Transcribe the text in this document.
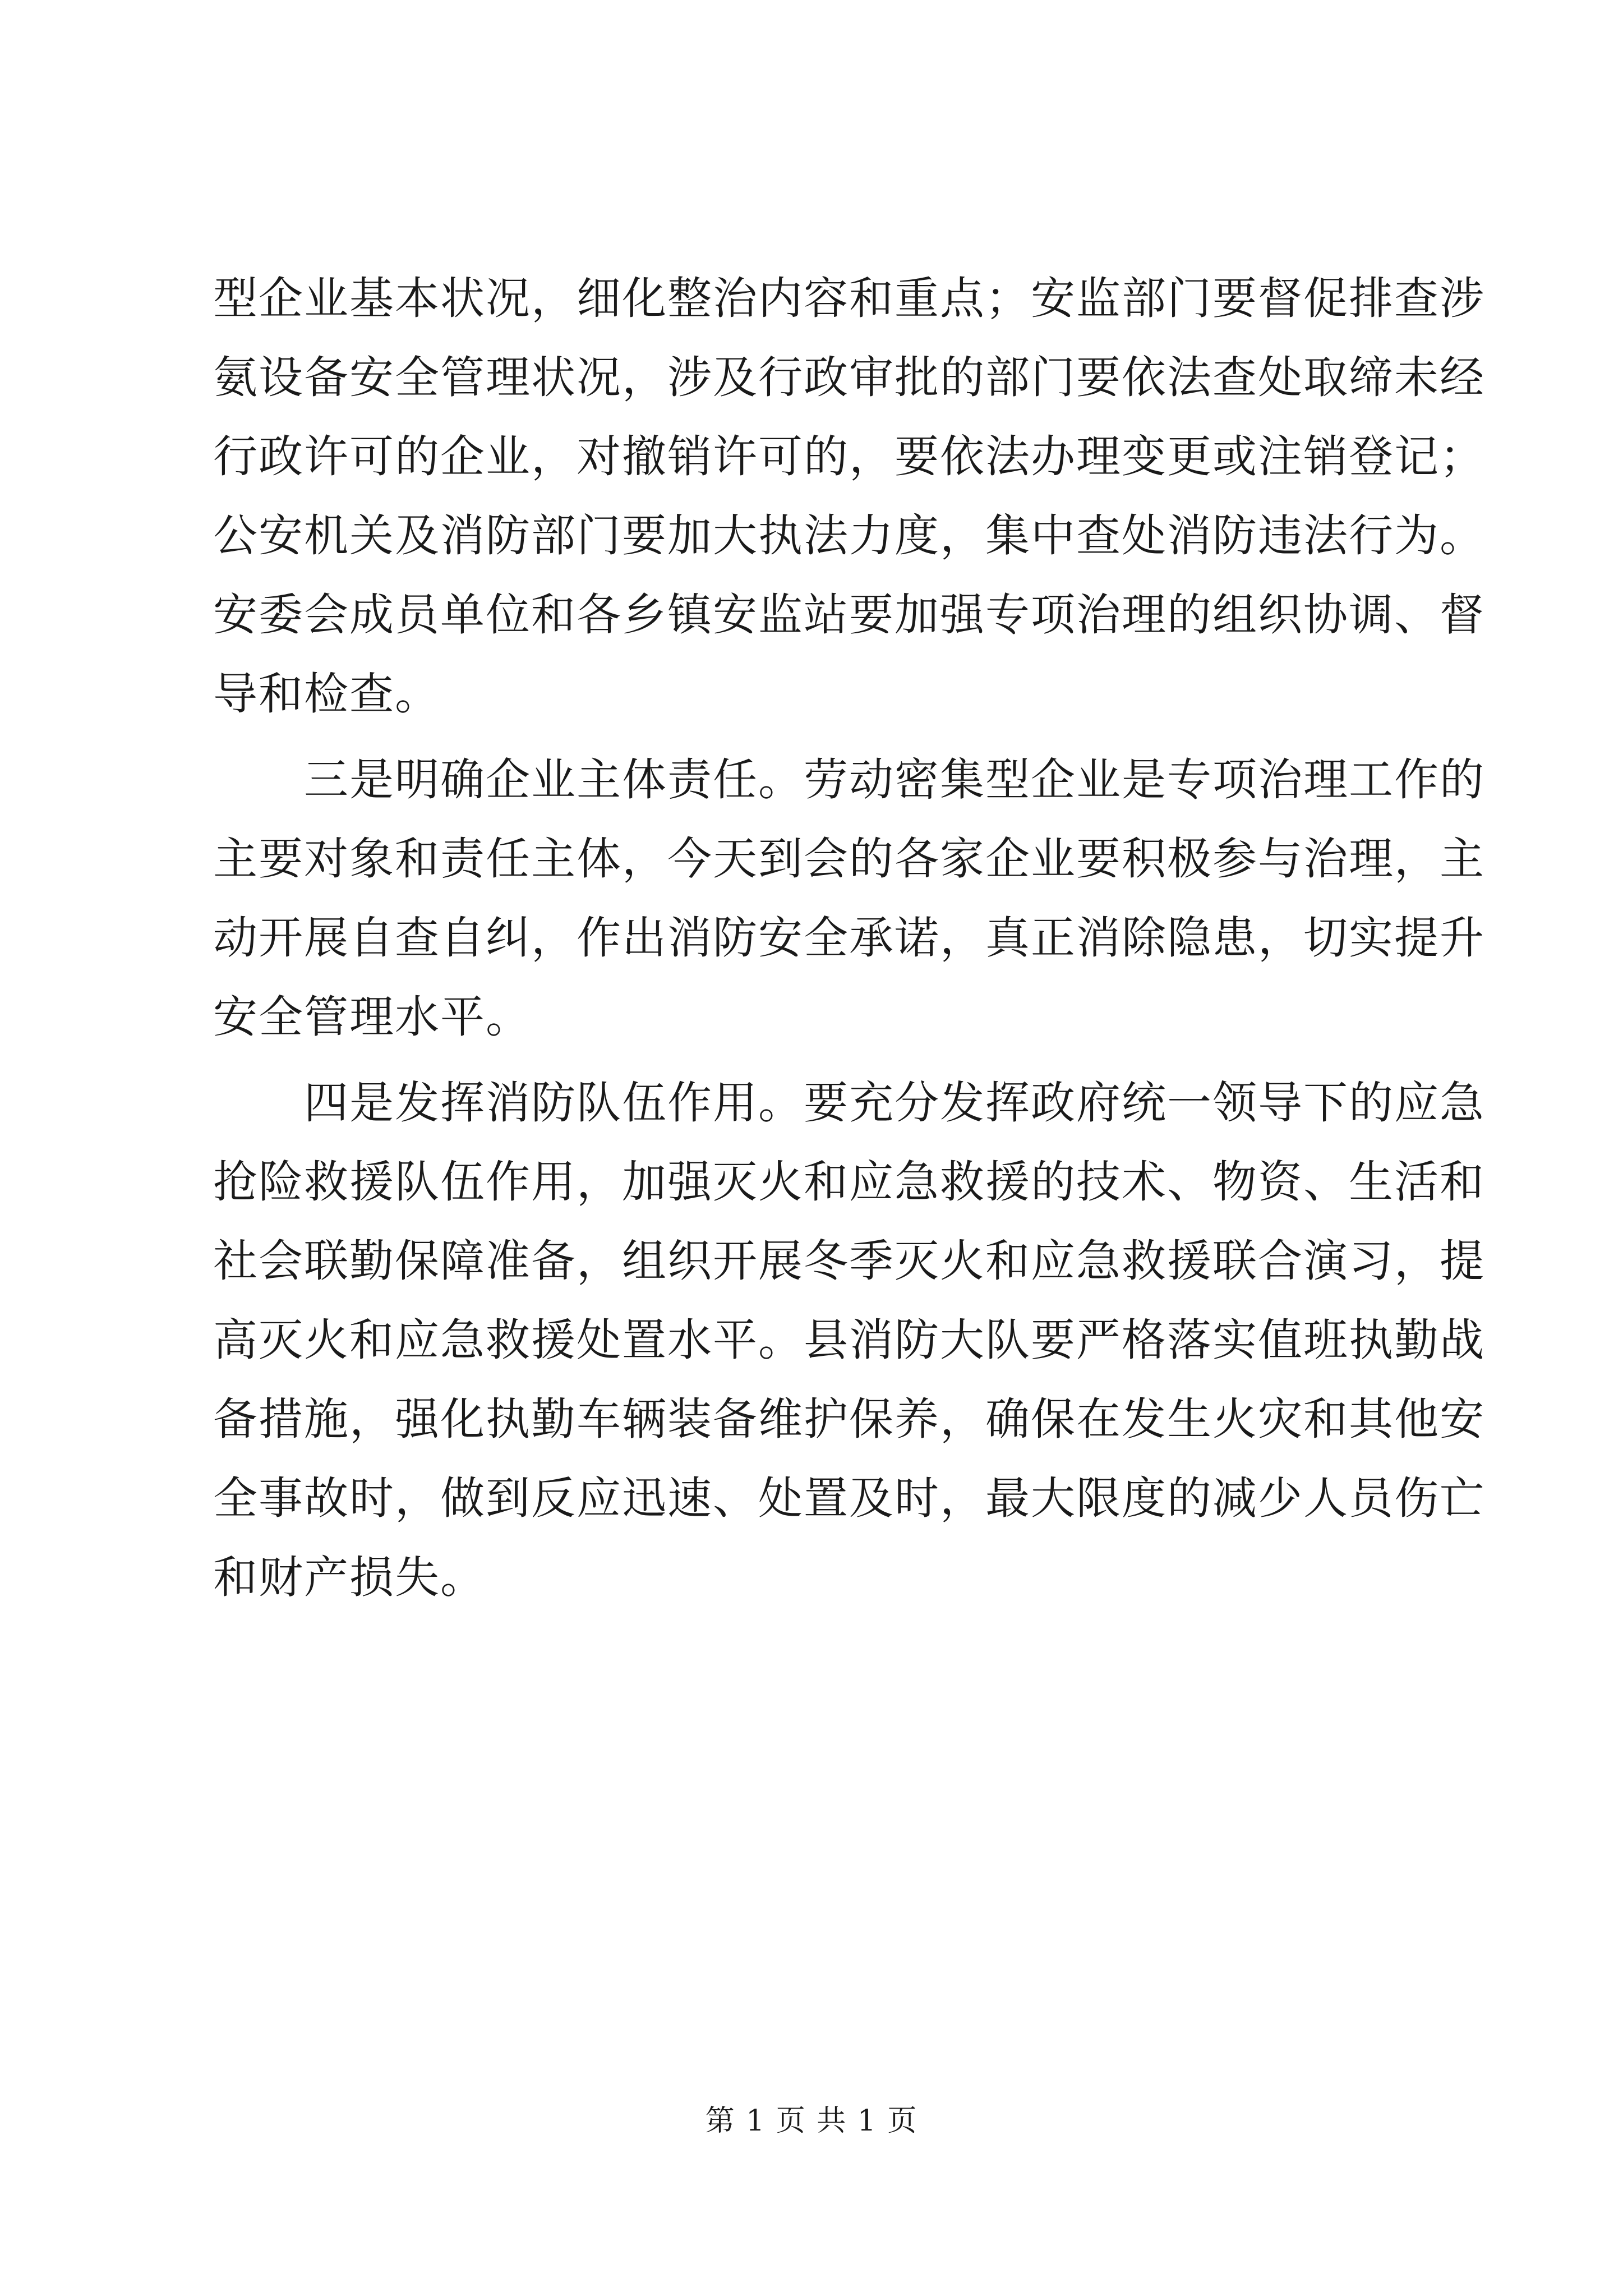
型企业基本状况，细化整治内容和重点；安监部门要督促排查涉
氨设备安全管理状况，涉及行政审批的部门要依法查处取缔未经
行政许可的企业，对撤销许可的，要依法办理变更或注销登记；
公安机关及消防部门要加大执法力度，集中查处消防违法行为。
安委会成员单位和各乡镇安监站要加强专项治理的组织协调、督
导和检查。
　　三是明确企业主体责任。劳动密集型企业是专项治理工作的
主要对象和责任主体，今天到会的各家企业要积极参与治理，主
动开展自查自纠，作出消防安全承诺，真正消除隐患，切实提升
安全管理水平。
　　四是发挥消防队伍作用。要充分发挥政府统一领导下的应急
抢险救援队伍作用，加强灭火和应急救援的技术、物资、生活和
社会联勤保障准备，组织开展冬季灭火和应急救援联合演习，提
高灭火和应急救援处置水平。县消防大队要严格落实值班执勤战
备措施，强化执勤车辆装备维护保养，确保在发生火灾和其他安
全事故时，做到反应迅速、处置及时，最大限度的减少人员伤亡
和财产损失。
第 1 页 共 1 页
